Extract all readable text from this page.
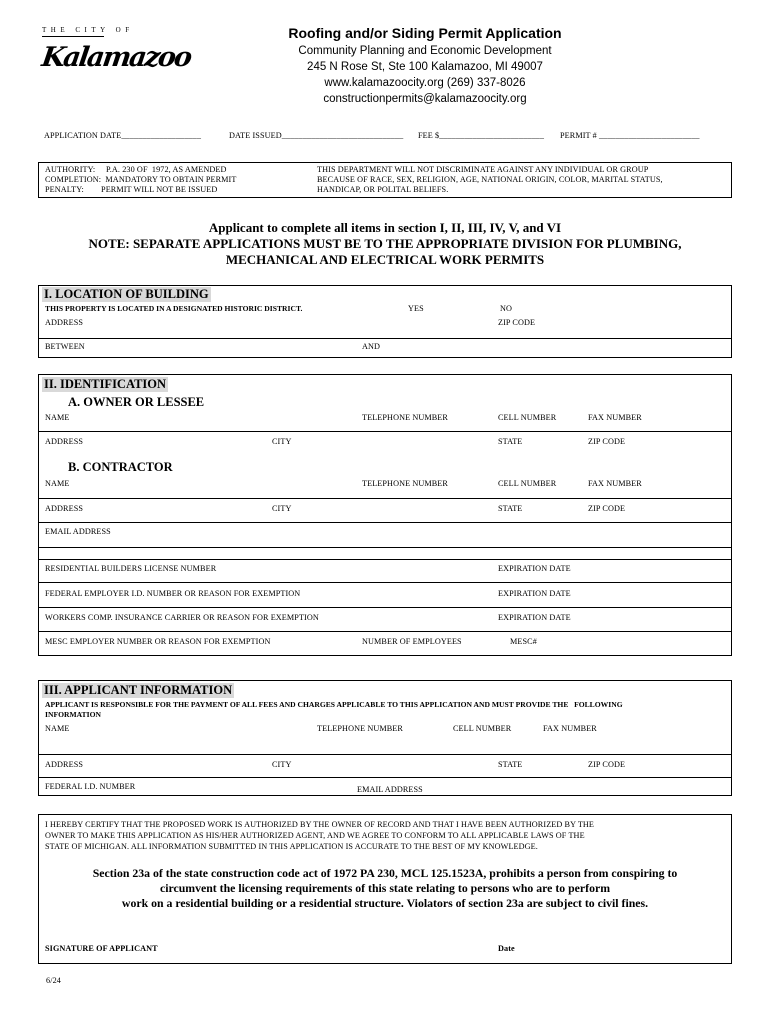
THE CITY OF
Kalamazoo
Roofing and/or Siding Permit Application
Community Planning and Economic Development
245 N Rose St, Ste 100 Kalamazoo, MI 49007
www.kalamazoocity.org (269) 337-8026
constructionpermits@kalamazoocity.org
APPLICATION DATE___________________	DATE ISSUED_____________________________ FEE $_________________________ PERMIT # ________________________
AUTHORITY:     P.A. 230 OF  1972, AS AMENDED
COMPLETION:  MANDATORY TO OBTAIN PERMIT
PENALTY:        PERMIT WILL NOT BE ISSUED
THIS DEPARTMENT WILL NOT DISCRIMINATE AGAINST ANY INDIVIDUAL OR GROUP
BECAUSE OF RACE, SEX, RELIGION, AGE, NATIONAL ORIGIN, COLOR, MARITAL STATUS,
HANDICAP, OR POLITAL BELIEFS.
Applicant to complete all items in section I, II, III, IV, V, and VI
NOTE: SEPARATE APPLICATIONS MUST BE TO THE APPROPRIATE DIVISION FOR PLUMBING,
MECHANICAL AND ELECTRICAL WORK PERMITS
I. LOCATION OF BUILDING
THIS PROPERTY IS LOCATED IN A DESIGNATED HISTORIC DISTRICT.	YES	NO
ADDRESS	ZIP CODE
BETWEEN	AND
II. IDENTIFICATION
A. OWNER OR LESSEE
NAME	TELEPHONE NUMBER	CELL NUMBER	FAX NUMBER
ADDRESS	CITY	STATE	ZIP CODE
B. CONTRACTOR
NAME	TELEPHONE NUMBER	CELL NUMBER	FAX NUMBER
ADDRESS	CITY	STATE	ZIP CODE
EMAIL ADDRESS
RESIDENTIAL BUILDERS LICENSE NUMBER	EXPIRATION DATE
FEDERAL EMPLOYER I.D. NUMBER OR REASON FOR EXEMPTION	EXPIRATION DATE
WORKERS COMP. INSURANCE CARRIER OR REASON FOR EXEMPTION	EXPIRATION DATE
MESC EMPLOYER NUMBER OR REASON FOR EXEMPTION	NUMBER OF EMPLOYEES	MESC#
III. APPLICANT INFORMATION
APPLICANT IS RESPONSIBLE FOR THE PAYMENT OF ALL FEES AND CHARGES APPLICABLE TO THIS APPLICATION AND MUST PROVIDE THE   FOLLOWING
INFORMATION
NAME	TELEPHONE NUMBER	CELL NUMBER	FAX NUMBER
ADDRESS	CITY	STATE	ZIP CODE
FEDERAL I.D. NUMBER	EMAIL ADDRESS
I HEREBY CERTIFY THAT THE PROPOSED WORK IS AUTHORIZED BY THE OWNER OF RECORD AND THAT I HAVE BEEN AUTHORIZED BY THE
OWNER TO MAKE THIS APPLICATION AS HIS/HER AUTHORIZED AGENT, AND WE AGREE TO CONFORM TO ALL APPLICABLE LAWS OF THE
STATE OF MICHIGAN. ALL INFORMATION SUBMITTED IN THIS APPLICATION IS ACCURATE TO THE BEST OF MY KNOWLEDGE.
Section 23a of the state construction code act of 1972 PA 230, MCL 125.1523A, prohibits a person from conspiring to
circumvent the licensing requirements of this state relating to persons who are to perform
work on a residential building or a residential structure. Violators of section 23a are subject to civil fines.
SIGNATURE OF APPLICANT	Date
6/24
